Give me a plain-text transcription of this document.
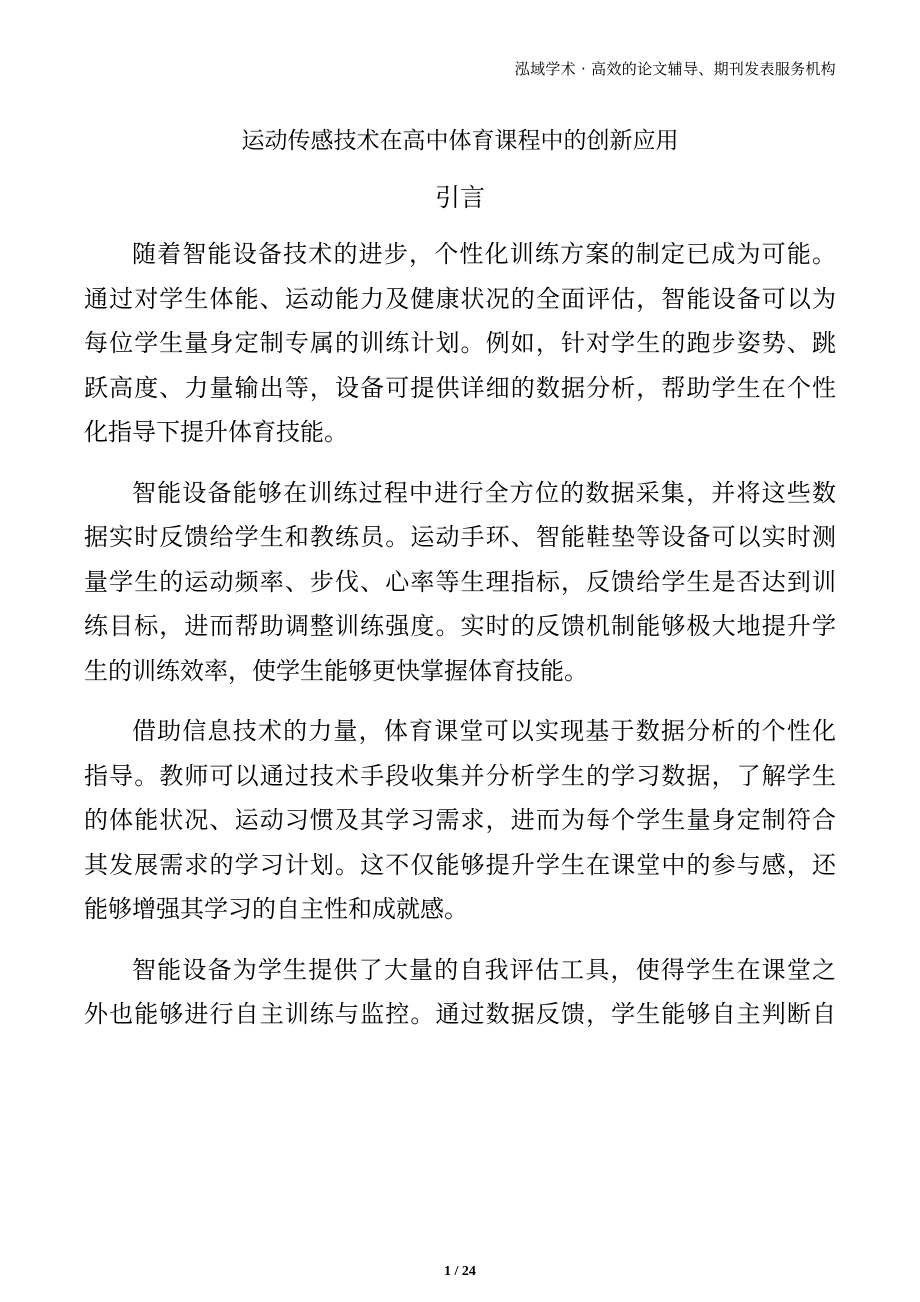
泓域学术 · 高效的论文辅导、期刊发表服务机构
运动传感技术在高中体育课程中的创新应用
引言
随着智能设备技术的进步，个性化训练方案的制定已成为可能。
通过对学生体能、运动能力及健康状况的全面评估，智能设备可以为
每位学生量身定制专属的训练计划。例如，针对学生的跑步姿势、跳
跃高度、力量输出等，设备可提供详细的数据分析，帮助学生在个性
化指导下提升体育技能。
智能设备能够在训练过程中进行全方位的数据采集，并将这些数
据实时反馈给学生和教练员。运动手环、智能鞋垫等设备可以实时测
量学生的运动频率、步伐、心率等生理指标，反馈给学生是否达到训
练目标，进而帮助调整训练强度。实时的反馈机制能够极大地提升学
生的训练效率，使学生能够更快掌握体育技能。
借助信息技术的力量，体育课堂可以实现基于数据分析的个性化
指导。教师可以通过技术手段收集并分析学生的学习数据，了解学生
的体能状况、运动习惯及其学习需求，进而为每个学生量身定制符合
其发展需求的学习计划。这不仅能够提升学生在课堂中的参与感，还
能够增强其学习的自主性和成就感。
智能设备为学生提供了大量的自我评估工具，使得学生在课堂之
外也能够进行自主训练与监控。通过数据反馈，学生能够自主判断自
1 / 24
